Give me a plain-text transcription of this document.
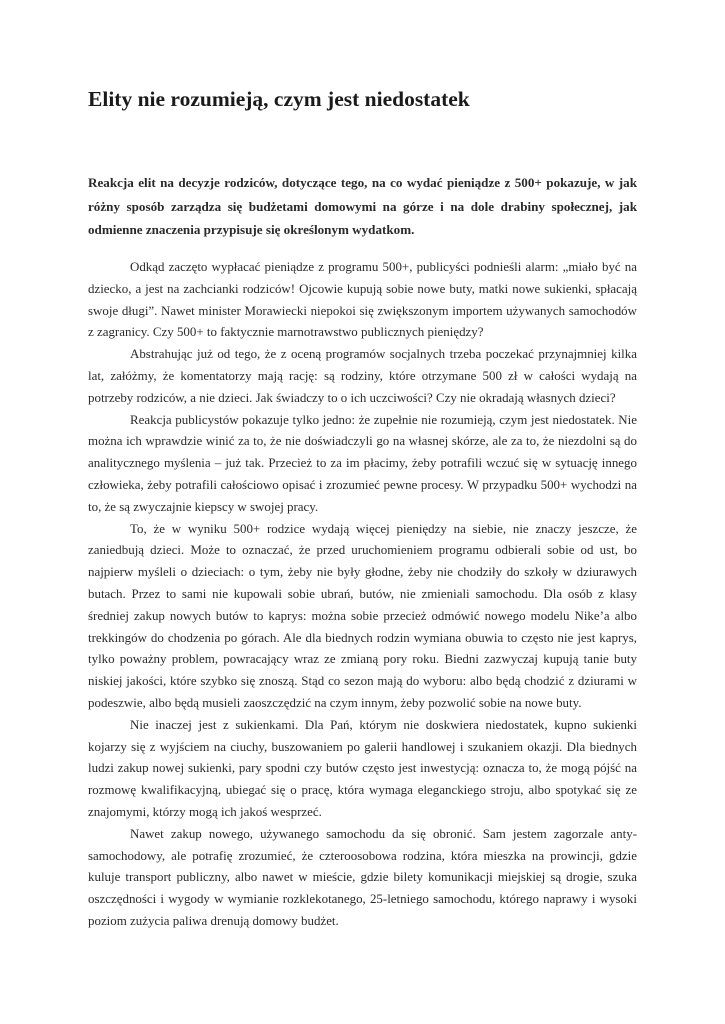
Elity nie rozumieją, czym jest niedostatek

Reakcja elit na decyzje rodziców, dotyczące tego, na co wydać pieniądze z 500+ pokazuje, w jak różny sposób zarządza się budżetami domowymi na górze i na dole drabiny społecznej, jak odmienne znaczenia przypisuje się określonym wydatkom.

Odkąd zaczęto wypłacać pieniądze z programu 500+, publicyści podnieśli alarm: „miało być na dziecko, a jest na zachcianki rodziców! Ojcowie kupują sobie nowe buty, matki nowe sukienki, spłacają swoje długi”. Nawet minister Morawiecki niepokoi się zwiększonym importem używanych samochodów z zagranicy. Czy 500+ to faktycznie marnotrawstwo publicznych pieniędzy?

Abstrahując już od tego, że z oceną programów socjalnych trzeba poczekać przynajmniej kilka lat, załóżmy, że komentatorzy mają rację: są rodziny, które otrzymane 500 zł w całości wydają na potrzeby rodziców, a nie dzieci. Jak świadczy to o ich uczciwości? Czy nie okradają własnych dzieci?

Reakcja publicystów pokazuje tylko jedno: że zupełnie nie rozumieją, czym jest niedostatek. Nie można ich wprawdzie winić za to, że nie doświadczyli go na własnej skórze, ale za to, że niezdolni są do analitycznego myślenia – już tak. Przecież to za im płacimy, żeby potrafili wczuć się w sytuację innego człowieka, żeby potrafili całościowo opisać i zrozumieć pewne procesy. W przypadku 500+ wychodzi na to, że są zwyczajnie kiepscy w swojej pracy.

To, że w wyniku 500+ rodzice wydają więcej pieniędzy na siebie, nie znaczy jeszcze, że zaniedbują dzieci. Może to oznaczać, że przed uruchomieniem programu odbierali sobie od ust, bo najpierw myśleli o dzieciach: o tym, żeby nie były głodne, żeby nie chodziły do szkoły w dziurawych butach. Przez to sami nie kupowali sobie ubrań, butów, nie zmieniali samochodu. Dla osób z klasy średniej zakup nowych butów to kaprys: można sobie przecież odmówić nowego modelu Nike’a albo trekkingów do chodzenia po górach. Ale dla biednych rodzin wymiana obuwia to często nie jest kaprys, tylko poważny problem, powracający wraz ze zmianą pory roku. Biedni zazwyczaj kupują tanie buty niskiej jakości, które szybko się znoszą. Stąd co sezon mają do wyboru: albo będą chodzić z dziurami w podeszwie, albo będą musieli zaoszczędzić na czym innym, żeby pozwolić sobie na nowe buty.

Nie inaczej jest z sukienkami. Dla Pań, którym nie doskwiera niedostatek, kupno sukienki kojarzy się z wyjściem na ciuchy, buszowaniem po galerii handlowej i szukaniem okazji. Dla biednych ludzi zakup nowej sukienki, pary spodni czy butów często jest inwestycją: oznacza to, że mogą pójść na rozmowę kwalifikacyjną, ubiegać się o pracę, która wymaga eleganckiego stroju, albo spotykać się ze znajomymi, którzy mogą ich jakoś wesprzeć.

Nawet zakup nowego, używanego samochodu da się obronić. Sam jestem zagorzale anty-samochodowy, ale potrafię zrozumieć, że czteroosobowa rodzina, która mieszka na prowincji, gdzie kuluje transport publiczny, albo nawet w mieście, gdzie bilety komunikacji miejskiej są drogie, szuka oszczędności i wygody w wymianie rozklekotanego, 25-letniego samochodu, którego naprawy i wysoki poziom zużycia paliwa drenują domowy budżet.
